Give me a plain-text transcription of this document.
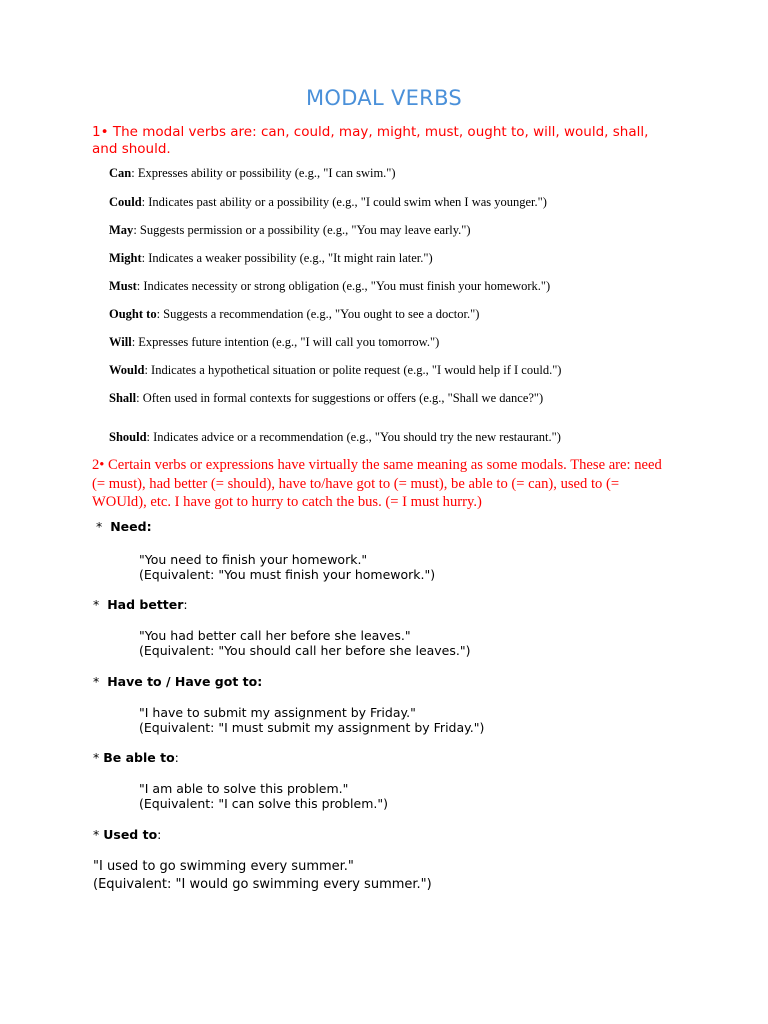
MODAL VERBS
1• The modal verbs are: can, could, may, might, must, ought to, will, would, shall, and should.
Can: Expresses ability or possibility (e.g., "I can swim.")
Could: Indicates past ability or a possibility (e.g., "I could swim when I was younger.")
May: Suggests permission or a possibility (e.g., "You may leave early.")
Might: Indicates a weaker possibility (e.g., "It might rain later.")
Must: Indicates necessity or strong obligation (e.g., "You must finish your homework.")
Ought to: Suggests a recommendation (e.g., "You ought to see a doctor.")
Will: Expresses future intention (e.g., "I will call you tomorrow.")
Would: Indicates a hypothetical situation or polite request (e.g., "I would help if I could.")
Shall: Often used in formal contexts for suggestions or offers (e.g., "Shall we dance?")
Should: Indicates advice or a recommendation (e.g., "You should try the new restaurant.")
2• Certain verbs or expressions have virtually the same meaning as some modals. These are: need (= must), had better (= should), have to/have got to (= must), be able to (= can), used to (= WOUld), etc. I have got to hurry to catch the bus. (= I must hurry.)
* Need:
"You need to finish your homework."
(Equivalent: "You must finish your homework.")
* Had better:
"You had better call her before she leaves."
(Equivalent: "You should call her before she leaves.")
* Have to / Have got to:
"I have to submit my assignment by Friday."
(Equivalent: "I must submit my assignment by Friday.")
* Be able to:
"I am able to solve this problem."
(Equivalent: "I can solve this problem.")
* Used to:
"I used to go swimming every summer."
(Equivalent: "I would go swimming every summer.")
